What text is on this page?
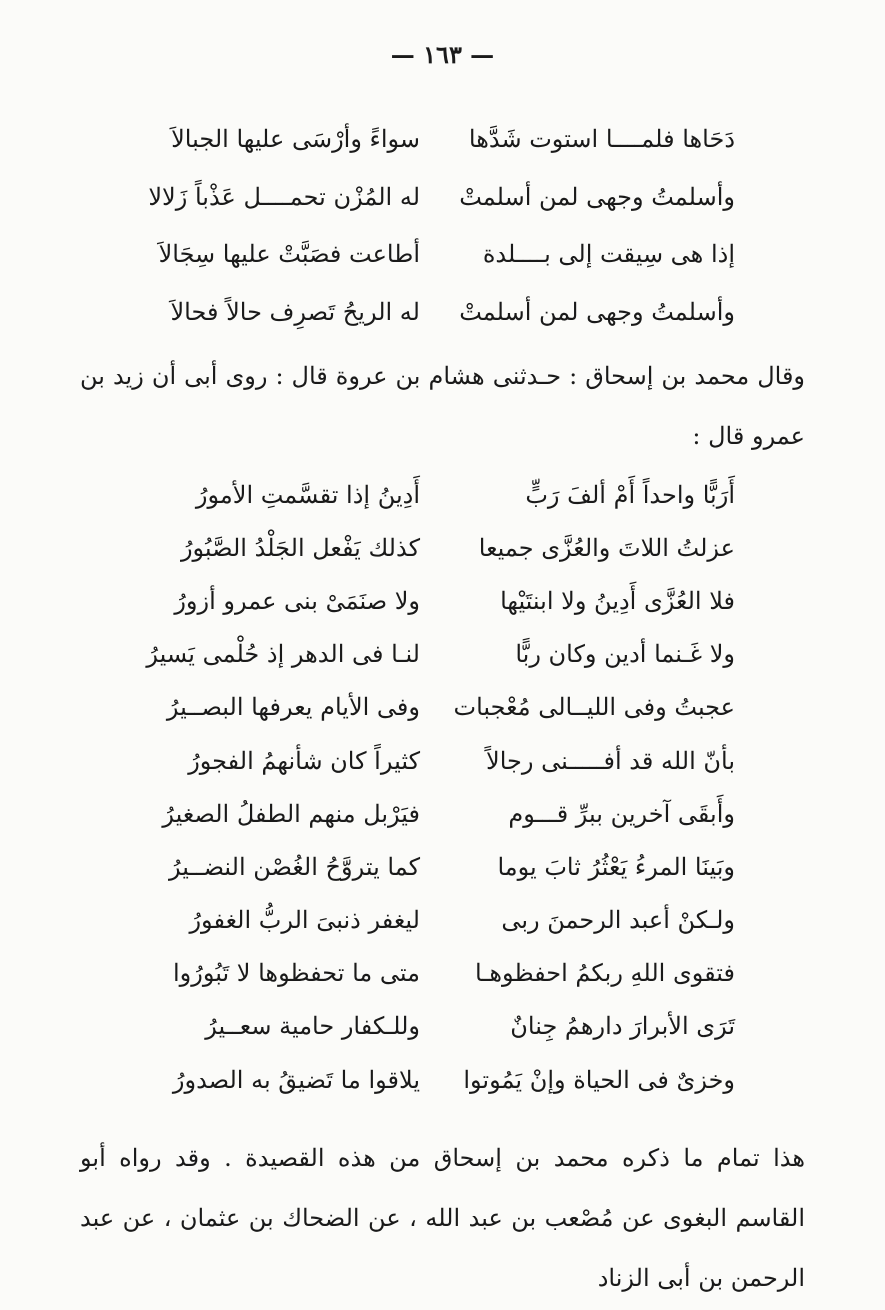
— ١٦٣ —
دَحَاها فلمــــا استوت شَدَّها
سواءً وأرْسَى عليها الجبالاَ
وأسلمتُ وجهى لمن أسلمتْ
له المُزْن تحمــــل عَذْباً زَلالا
إذا هى سِيقت إلى بــــلدة
أطاعت فصَبَّتْ عليها سِجَالاَ
وأسلمتُ وجهى لمن أسلمتْ
له الريحُ تَصرِف حالاً فحالاَ

وقال محمد بن إسحاق : حـدثنى هشام بن عروة قال : روى أبى أن زيد بن عمرو قال :

أَرَبًّا واحداً أَمْ ألفَ رَبٍّ
أَدِينُ إذا تقسَّمتِ الأمورُ
عزلتُ اللاتَ والعُزَّى جميعا
كذلك يَفْعل الجَلْدُ الصَّبُورُ
فلا العُزَّى أَدِينُ ولا ابنتَيْها
ولا صنَمَىْ بنى عمرو أزورُ
ولا غَـنما أدين وكان ربًّا
لنـا فى الدهر إذ حُلْمى يَسيرُ
عجبتُ وفى الليــالى مُعْجبات
وفى الأيام يعرفها البصــيرُ
بأنّ الله قد أفـــــنى رجالاً
كثيراً كان شأنهمُ الفجورُ
وأَبقَى آخرين ببرِّ قـــوم
فيَرْبل منهم الطفلُ الصغيرُ
وبَينَا المرءُ يَعْثُرُ ثابَ يوما
كما يتروَّحُ الغُصْن النضــيرُ
ولـكنْ أعبد الرحمنَ ربى
ليغفر ذنبىَ الربُّ الغفورُ
فتقوى اللهِ ربكمُ احفظوهـا
متى ما تحفظوها لا تَبُورُوا
تَرَى الأبرارَ دارهمُ جِنانٌ
وللـكفار حامية سعــيرُ
وخزىٌ فى الحياة وإنْ يَمُوتوا
يلاقوا ما تَضيقُ به الصدورُ

هذا تمام ما ذكره محمد بن إسحاق من هذه القصيدة . وقد رواه أبو القاسم البغوى عن مُصْعب بن عبد الله ، عن الضحاك بن عثمان ، عن عبد الرحمن بن أبى الزناد
